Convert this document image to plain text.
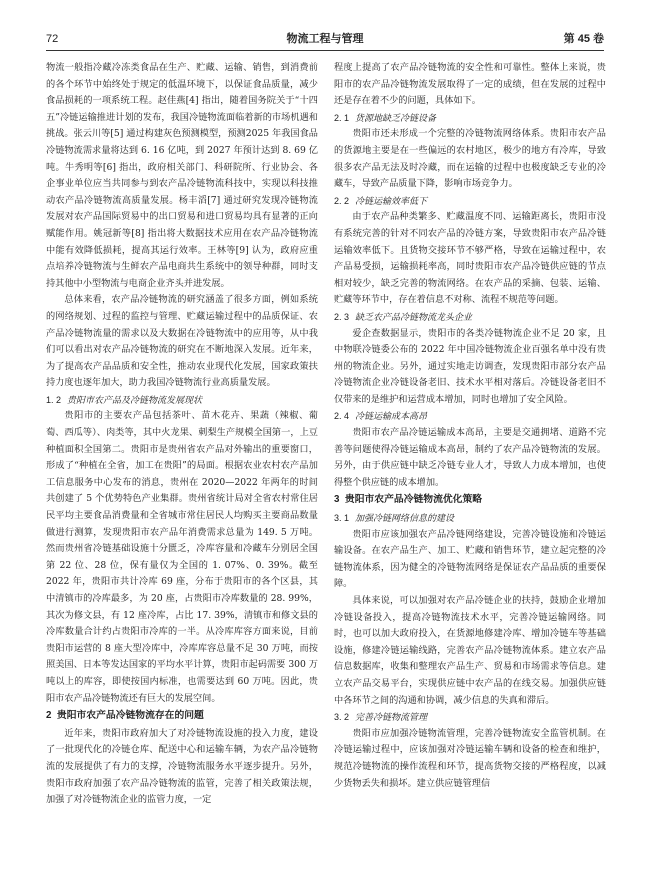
72	物流工程与管理	第 45 卷

物流一般指冷藏冷冻类食品在生产、贮藏、运输、销售，到消费前的各个环节中始终处于规定的低温环境下，以保证食品质量，减少食品损耗的一项系统工程。赵佳燕[4] 指出，随着国务院关于“十四五”冷链运输推进计划的发布，我国冷链物流面临着新的市场机遇和挑战。张云川等[5] 通过构建灰色预测模型，预测2025 年我国食品冷链物流需求量将达到 6. 16 亿吨，到 2027 年预计达到 8. 69 亿吨。牛秀明等[6] 指出，政府相关部门、科研院所、行业协会、各企事业单位应当共同参与到农产品冷链物流科技中，实现以科技推动农产品冷链物流高质量发展。杨丰滔[7] 通过研究发现冷链物流发展对农产品国际贸易中的出口贸易和进口贸易均具有显著的正向赋能作用。姚冠新等[8] 指出将大数据技术应用在农产品冷链物流中能有效降低损耗，提高其运行效率。王林等[9] 认为，政府应重点培养冷链物流与生鲜农产品电商共生系统中的领导种群，同时支持其他中小型物流与电商企业齐头并进发展。

总体来看，农产品冷链物流的研究涵盖了很多方面，例如系统的网络规划、过程的监控与管理、贮藏运输过程中的品质保证、农产品冷链物流量的需求以及大数据在冷链物流中的应用等，从中我们可以看出对农产品冷链物流的研究在不断地深入发展。近年来，为了提高农产品品质和安全性，推动农业现代化发展，国家政策扶持力度也逐年加大，助力我国冷链物流行业高质量发展。

1. 2 贵阳市农产品及冷链物流发展现状

贵阳市的主要农产品包括茶叶、苗木花卉、果蔬（辣椒、葡萄、西瓜等）、肉类等，其中火龙果、刺梨生产规模全国第一，上豆种植面积全国第二。贵阳市是贵州省农产品对外输出的重要窗口，形成了“种植在全省，加工在贵阳”的局面。根据农业农村农产品加工信息服务中心发布的消息，贵州在 2020—2022 年两年的时间共创建了 5 个优势特色产业集群。贵州省统计局对全省农村常住居民平均主要食品消费量和全省城市常住居民人均购买主要商品数量做进行测算，发现贵阳市农产品年消费需求总量为 149. 5 万吨。然而贵州省冷链基础设施十分匮乏，冷库容量和冷藏车分别居全国第 22 位、28 位，保有量仅为全国的 1. 07%、0. 39%。截至 2022 年，贵阳市共计冷库 69 座，分布于贵阳市的各个区县，其中清镇市的冷库最多，为 20 座，占贵阳市冷库数量的 28. 99%，其次为修文县，有 12 座冷库，占比 17. 39%，清镇市和修文县的冷库数量合计约占贵阳市冷库的一半。从冷库库容方面来说，目前贵阳市运营的 8 座大型冷库中，冷库库容总量不足 30 万吨，而按照美国、日本等发达国家的平均水平计算，贵阳市起码需要 300 万吨以上的库容，即使按国内标准，也需要达到 60 万吨。因此，贵阳市农产品冷链物流还有巨大的发展空间。

2 贵阳市农产品冷链物流存在的问题

近年来，贵阳市政府加大了对冷链物流设施的投入力度，建设了一批现代化的冷链仓库、配送中心和运输车辆，为农产品冷链物流的发展提供了有力的支撑，冷链物流服务水平逐步提升。另外，贵阳市政府加强了农产品冷链物流的监管，完善了相关政策法规，加强了对冷链物流企业的监管力度，一定

程度上提高了农产品冷链物流的安全性和可靠性。整体上来说，贵阳市的农产品冷链物流发展取得了一定的成绩，但在发展的过程中还是存在着不少的问题，具体如下。

2. 1 货源地缺乏冷链设备

贵阳市还未形成一个完整的冷链物流网络体系。贵阳市农产品的货源地主要是在一些偏远的农村地区，极少的地方有冷库，导致很多农产品无法及时冷藏，而在运输的过程中也极度缺乏专业的冷藏车，导致产品质量下降，影响市场竞争力。

2. 2 冷链运输效率低下

由于农产品种类繁多、贮藏温度不同、运输距离长，贵阳市没有系统完善的针对不同农产品的冷链方案，导致贵阳市农产品冷链运输效率低下。且货物交接环节不够严格，导致在运输过程中，农产品易受损，运输损耗率高，同时贵阳市农产品冷链供应链的节点相对较少，缺乏完善的物流网络。在农产品的采摘、包装、运输、贮藏等环节中，存在着信息不对称、流程不规范等问题。

2. 3 缺乏农产品冷链物流龙头企业

爱企查数据显示，贵阳市的各类冷链物流企业不足 20 家，且中物联冷链委公布的 2022 年中国冷链物流企业百强名单中没有贵州的物流企业。另外，通过实地走访调查，发现贵阳市部分农产品冷链物流企业冷链设备老旧、技术水平相对落后。冷链设备老旧不仅带来的是维护和运营成本增加，同时也增加了安全风险。

2. 4 冷链运输成本高昂

贵阳市农产品冷链运输成本高昂，主要是交通拥堵、道路不完善等问题使得冷链运输成本高昂，制约了农产品冷链物流的发展。另外，由于供应链中缺乏冷链专业人才，导致人力成本增加，也使得整个供应链的成本增加。

3 贵阳市农产品冷链物流优化策略
3. 1 加强冷链网络信息的建设

贵阳市应该加强农产品冷链网络建设，完善冷链设施和冷链运输设备。在农产品生产、加工、贮藏和销售环节，建立起完整的冷链物流体系，因为健全的冷链物流网络是保证农产品品质的重要保障。

具体来说，可以加强对农产品冷链企业的扶持，鼓励企业增加冷链设备投入，提高冷链物流技术水平，完善冷链运输网络。同时，也可以加大政府投入，在货源地修建冷库、增加冷链车等基础设施，修建冷链运输线路，完善农产品冷链物流体系。建立农产品信息数据库，收集和整理农产品生产、贸易和市场需求等信息。建立农产品交易平台，实现供应链中农产品的在线交易。加强供应链中各环节之间的沟通和协调，减少信息的失真和滞后。

3. 2 完善冷链物流管理

贵阳市应加强冷链物流管理，完善冷链物流安全监管机制。在冷链运输过程中，应该加强对冷链运输车辆和设备的检查和维护，规范冷链物流的操作流程和环节，提高货物交接的严格程度，以减少货物丢失和损坏。建立供应链管理信
